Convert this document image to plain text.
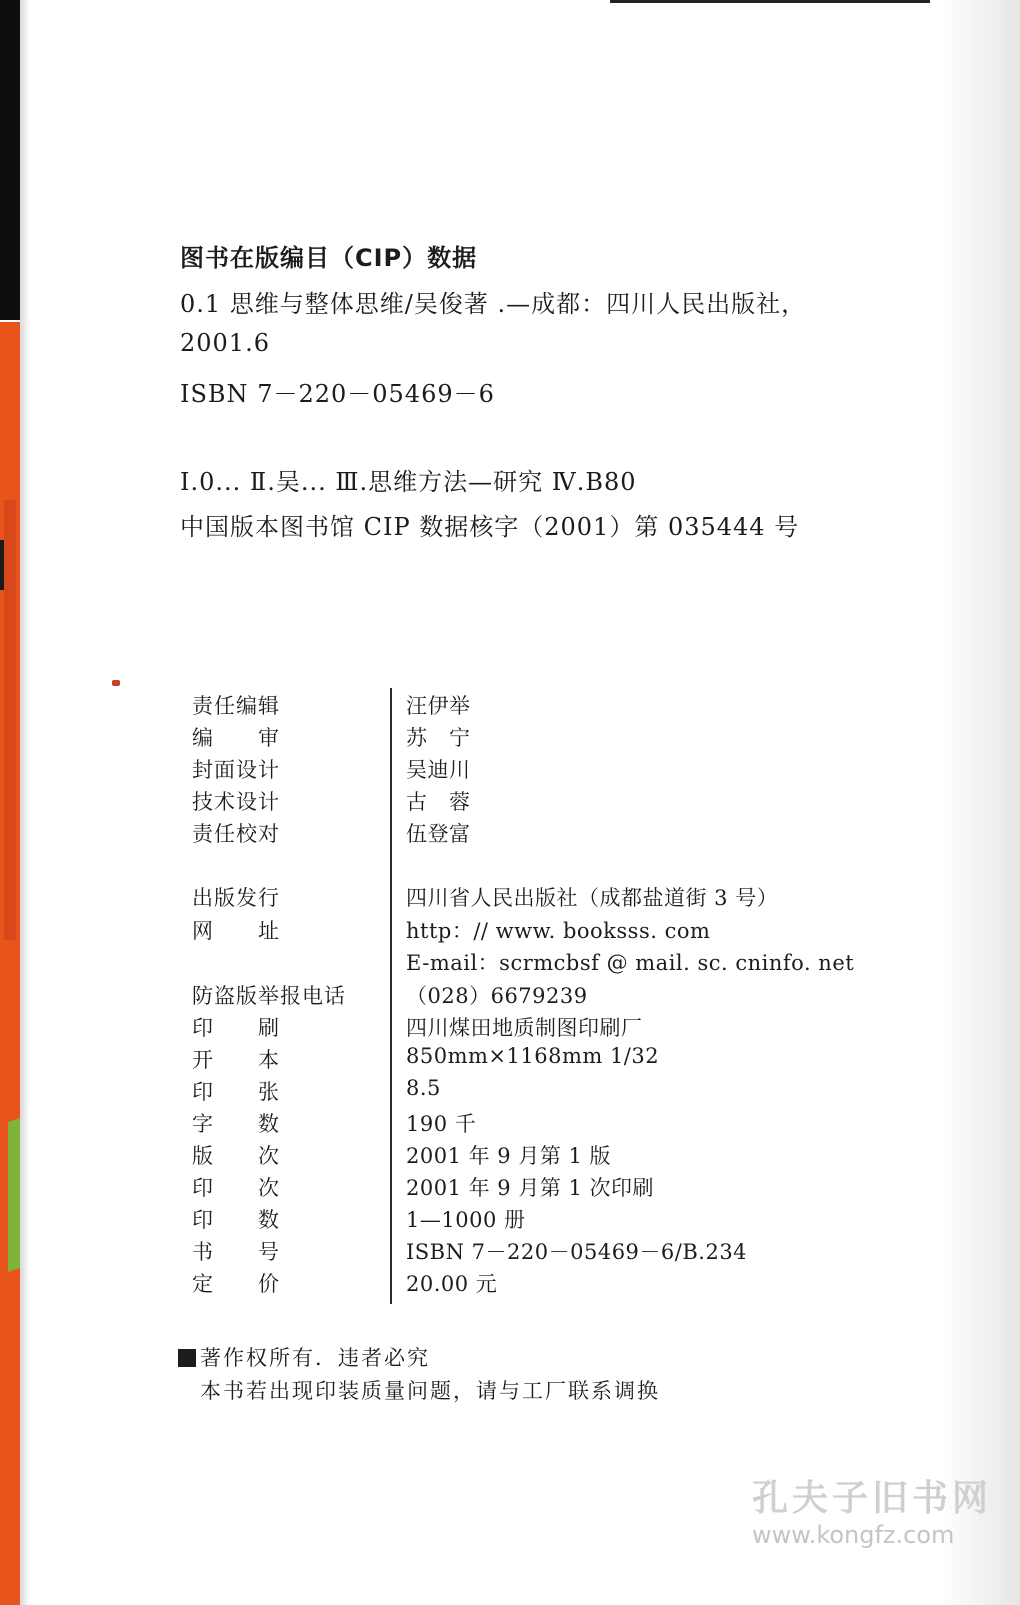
图书在版编目（CIP）数据
0.1 思维与整体思维/吴俊著 .—成都：四川人民出版社，
2001.6
ISBN 7－220－05469－6
Ⅰ.0... Ⅱ.吴... Ⅲ.思维方法—研究 Ⅳ.B80
中国版本图书馆 CIP 数据核字（2001）第 035444 号
责任编辑	汪伊举
编　　审	苏　宁
封面设计	吴迪川
技术设计	古　蓉
责任校对	伍登富
出版发行	四川省人民出版社（成都盐道街 3 号）
网　　址	http：// www. booksss. com
E-mail：scrmcbsf @ mail. sc. cninfo. net
防盗版举报电话	（028）6679239
印　　刷	四川煤田地质制图印刷厂
开　　本	850mm×1168mm 1/32
印　　张	8.5
字　　数	190 千
版　　次	2001 年 9 月第 1 版
印　　次	2001 年 9 月第 1 次印刷
印　　数	1—1000 册
书　　号	ISBN 7－220－05469－6/B.234
定　　价	20.00 元
著作权所有．违者必究
本书若出现印装质量问题，请与工厂联系调换
孔夫子旧书网
www.kongfz.com
